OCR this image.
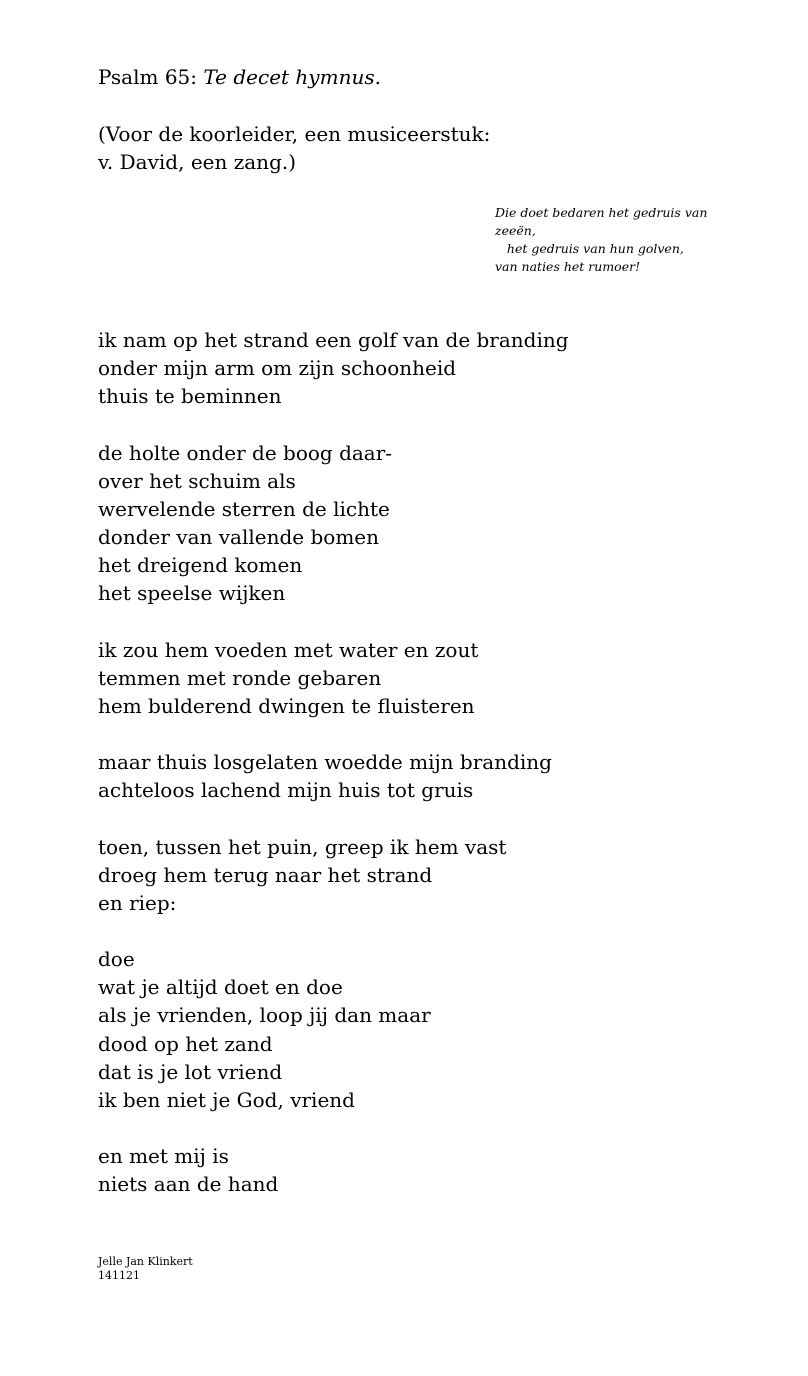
Psalm 65: Te decet hymnus.
(Voor de koorleider, een musiceerstuk:
v. David, een zang.)
Die doet bedaren het gedruis van
zeeën,
het gedruis van hun golven,
van naties het rumoer!
ik nam op het strand een golf van de branding
onder mijn arm om zijn schoonheid
thuis te beminnen
de holte onder de boog daar-
over het schuim als
wervelende sterren de lichte
donder van vallende bomen
het dreigend komen
het speelse wijken
ik zou hem voeden met water en zout
temmen met ronde gebaren
hem bulderend dwingen te fluisteren
maar thuis losgelaten woedde mijn branding
achteloos lachend mijn huis tot gruis
toen, tussen het puin, greep ik hem vast
droeg hem terug naar het strand
en riep:
doe
wat je altijd doet en doe
als je vrienden, loop jij dan maar
dood op het zand
dat is je lot vriend
ik ben niet je God, vriend
en met mij is
niets aan de hand
Jelle Jan Klinkert
141121
